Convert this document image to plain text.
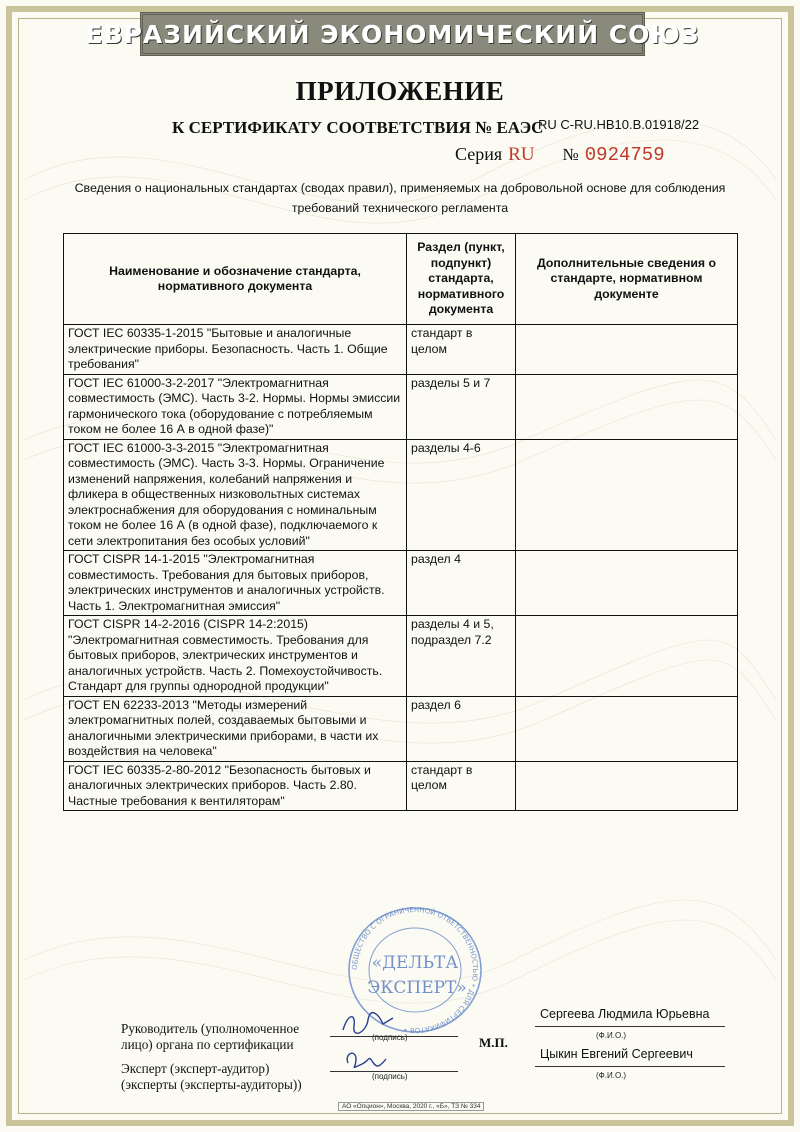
ЕВРАЗИЙСКИЙ ЭКОНОМИЧЕСКИЙ СОЮЗ
ПРИЛОЖЕНИЕ
К СЕРТИФИКАТУ СООТВЕТСТВИЯ № ЕАЭС
RU C-RU.HB10.B.01918/22
Серия RU № 0924759
Сведения о национальных стандартах (сводах правил), применяемых на добровольной основе для соблюдения требований технического регламента
Наименование и обозначение стандарта, нормативного документа	Раздел (пункт, подпункт) стандарта, нормативного документа	Дополнительные сведения о стандарте, нормативном документе
ГОСТ IEC 60335-1-2015 "Бытовые и аналогичные электрические приборы. Безопасность. Часть 1. Общие требования"	стандарт в целом	
ГОСТ IEC 61000-3-2-2017 "Электромагнитная совместимость (ЭМС). Часть 3-2. Нормы. Нормы эмиссии гармонического тока (оборудование с потребляемым током не более 16 А в одной фазе)"	разделы 5 и 7	
ГОСТ IEC 61000-3-3-2015 "Электромагнитная совместимость (ЭМС). Часть 3-3. Нормы. Ограничение изменений напряжения, колебаний напряжения и фликера в общественных низковольтных системах электроснабжения для оборудования с номинальным током не более 16 А (в одной фазе), подключаемого к сети электропитания без особых условий"	разделы 4-6	
ГОСТ CISPR 14-1-2015 "Электромагнитная совместимость. Требования для бытовых приборов, электрических инструментов и аналогичных устройств. Часть 1. Электромагнитная эмиссия"	раздел 4	
ГОСТ CISPR 14-2-2016 (CISPR 14-2:2015) "Электромагнитная совместимость. Требования для бытовых приборов, электрических инструментов и аналогичных устройств. Часть 2. Помехоустойчивость. Стандарт для группы однородной продукции"	разделы 4 и 5, подраздел 7.2	
ГОСТ EN 62233-2013 "Методы измерений электромагнитных полей, создаваемых бытовыми и аналогичными электрическими приборами, в части их воздействия на человека"	раздел 6	
ГОСТ IEC 60335-2-80-2012 "Безопасность бытовых и аналогичных электрических приборов. Часть 2.80. Частные требования к вентиляторам"	стандарт в целом	
ОБЩЕСТВО С ОГРАНИЧЕННОЙ ОТВЕТСТВЕННОСТЬЮ • ДЛЯ СЕРТИФИКАТОВ •
«ДЕЛЬТА
ЭКСПЕРТ»
Руководитель (уполномоченное
лицо) органа по сертификации	(подпись)	М.П.
Сергеева Людмила Юрьевна
(Ф.И.О.)
Эксперт (эксперт-аудитор)
(эксперты (эксперты-аудиторы))
(подпись)
Цыкин Евгений Сергеевич
(Ф.И.О.)
АО «Опцион», Москва, 2020 г., «Б», ТЗ № 334
